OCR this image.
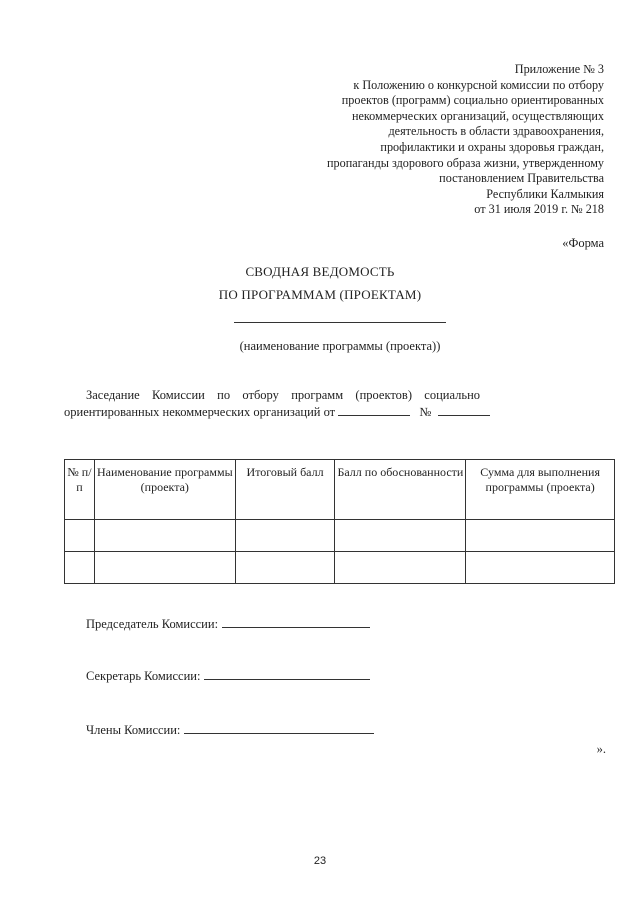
Приложение № 3
к Положению о конкурсной комиссии по отбору
проектов (программ) социально ориентированных
некоммерческих организаций, осуществляющих
деятельность в области здравоохранения,
профилактики и охраны здоровья граждан,
пропаганды здорового образа жизни, утвержденному
постановлением Правительства
Республики Калмыкия
от 31 июля 2019 г. № 218
«Форма
СВОДНАЯ ВЕДОМОСТЬ
ПО ПРОГРАММАМ (ПРОЕКТАМ)
(наименование программы (проекта))
Заседание Комиссии по отбору программ (проектов) социально
ориентированных некоммерческих организаций от	№
№ п/п	Наименование программы (проекта)	Итоговый балл	Балл по обоснованности	Сумма для выполнения программы (проекта)

Председатель Комиссии:
Секретарь Комиссии:
Члены Комиссии:
».
23
